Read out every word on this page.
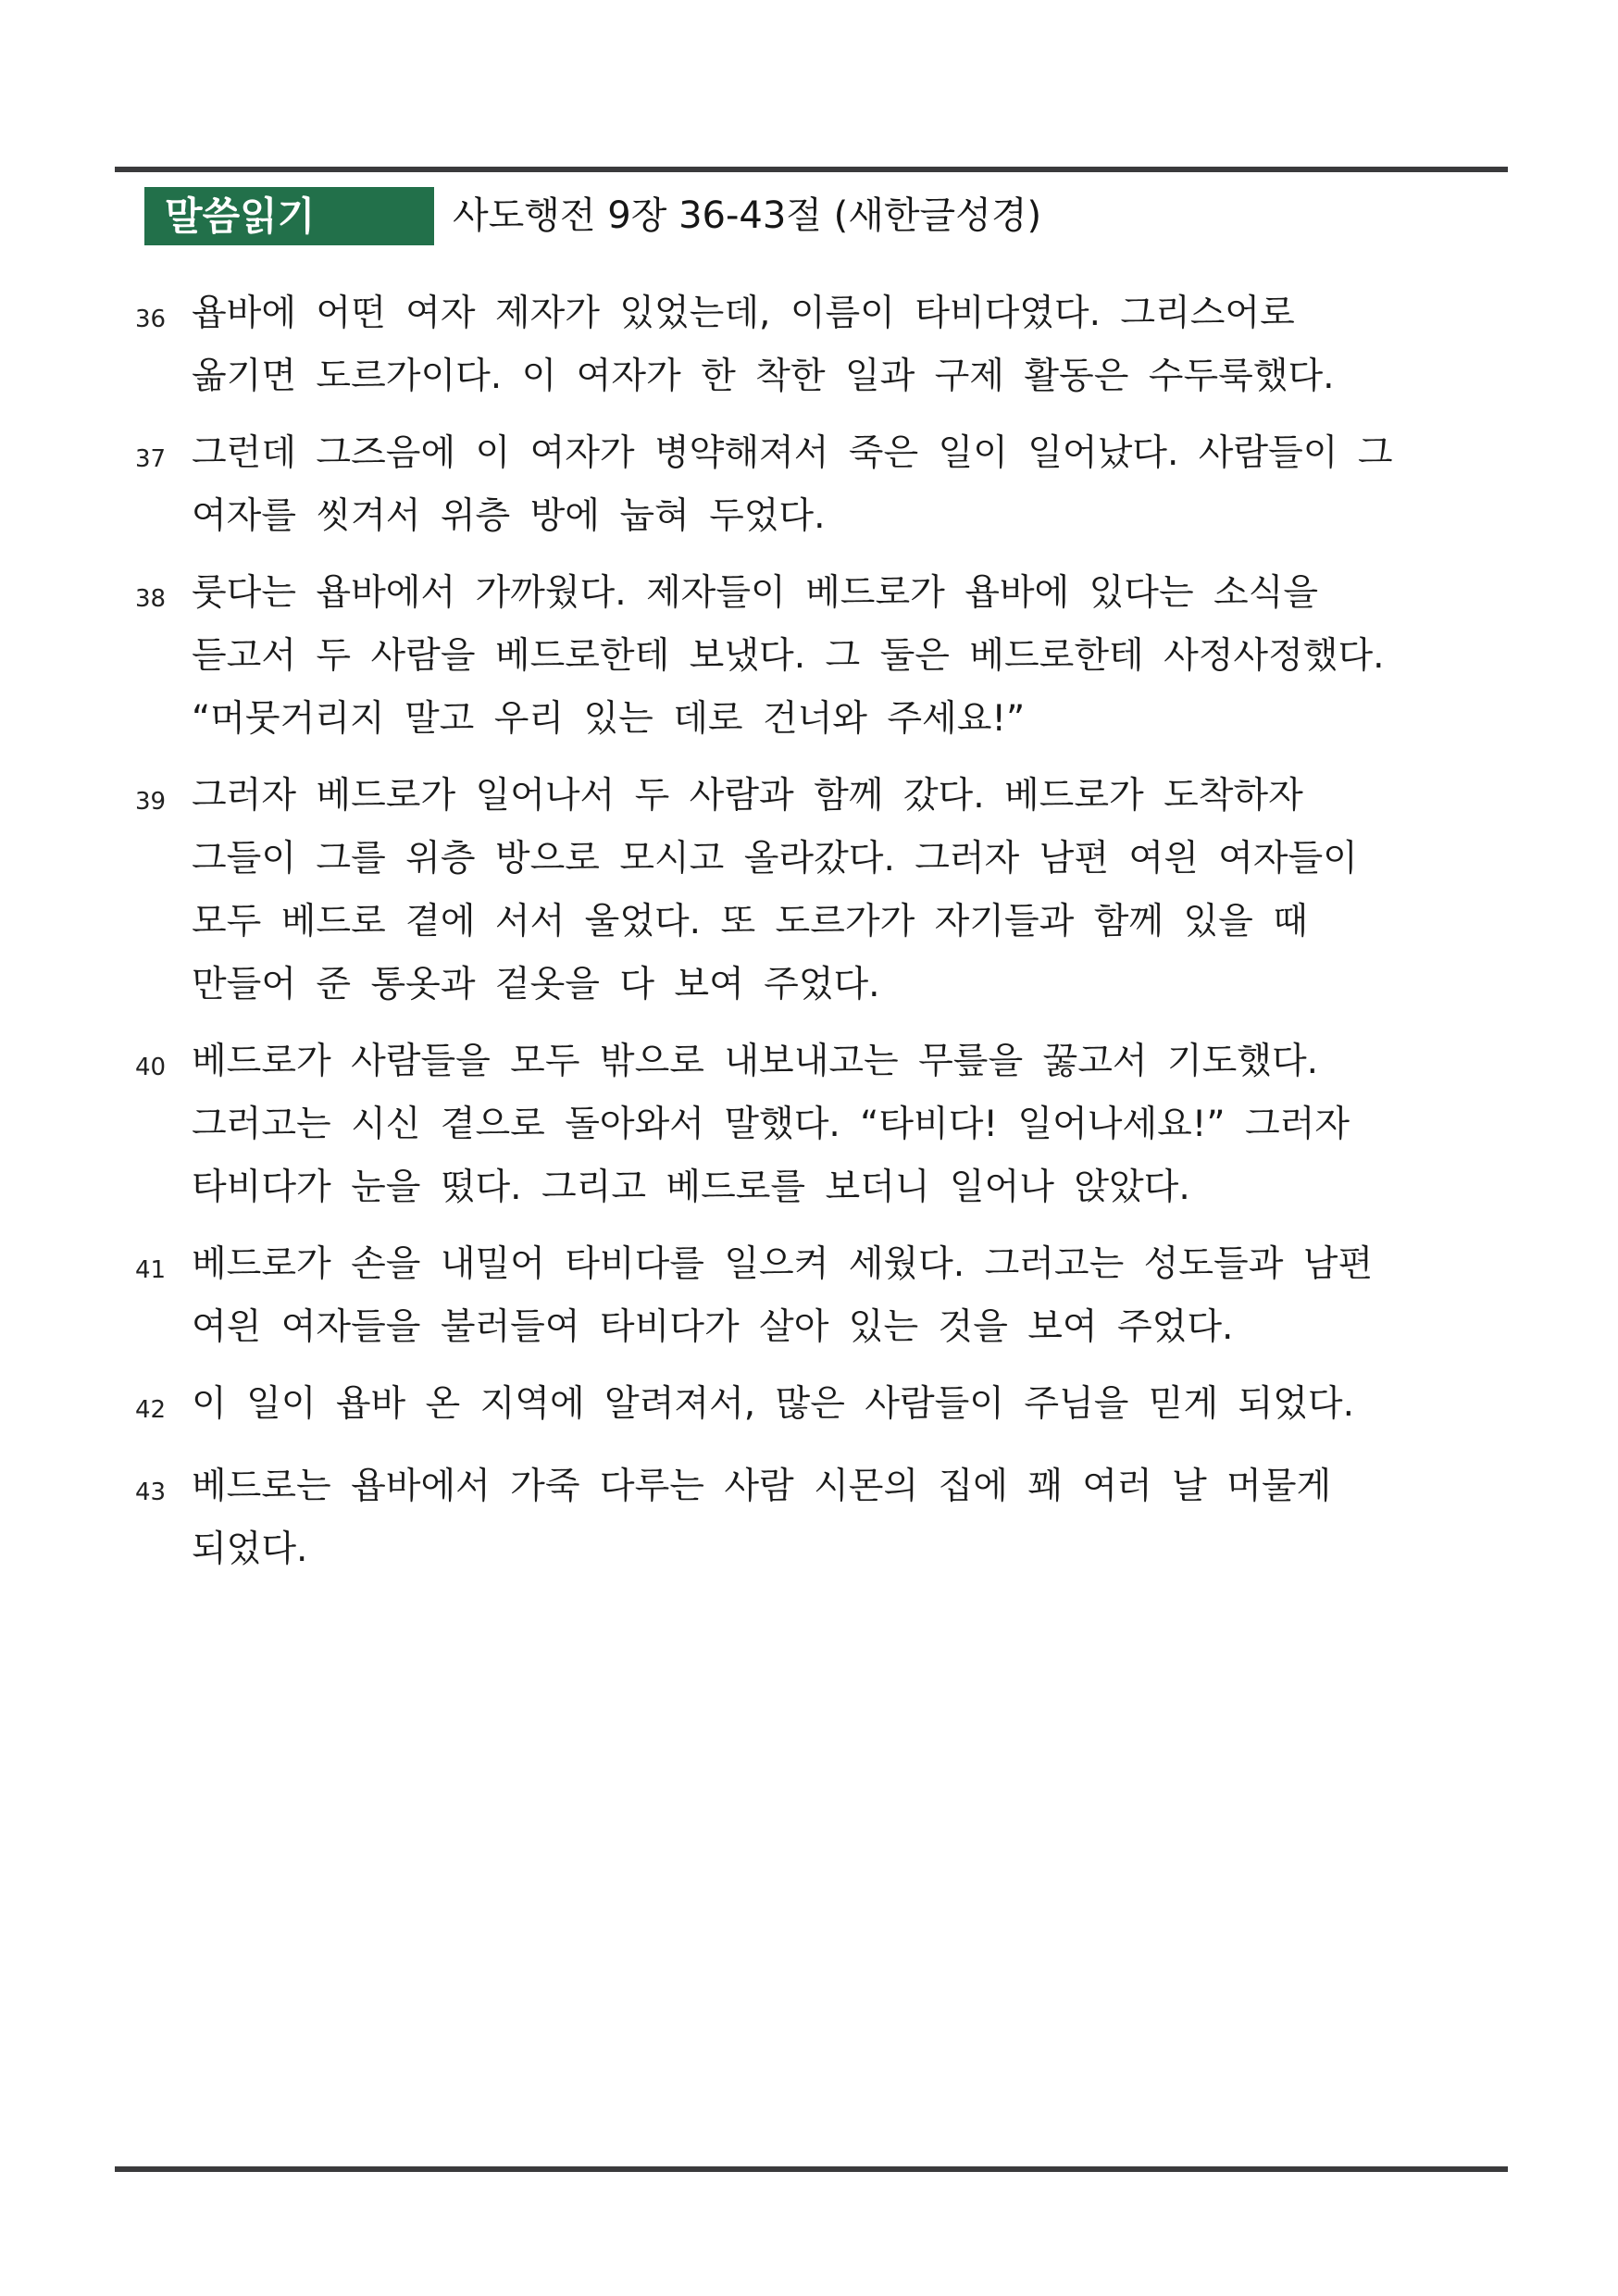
말씀읽기	사도행전 9장 36-43절 (새한글성경)
36 욥바에 어떤 여자 제자가 있었는데, 이름이 타비다였다. 그리스어로
옮기면 도르가이다. 이 여자가 한 착한 일과 구제 활동은 수두룩했다.
37 그런데 그즈음에 이 여자가 병약해져서 죽은 일이 일어났다. 사람들이 그
여자를 씻겨서 위층 방에 눕혀 두었다.
38 룻다는 욥바에서 가까웠다. 제자들이 베드로가 욥바에 있다는 소식을
듣고서 두 사람을 베드로한테 보냈다. 그 둘은 베드로한테 사정사정했다.
“머뭇거리지 말고 우리 있는 데로 건너와 주세요!”
39 그러자 베드로가 일어나서 두 사람과 함께 갔다. 베드로가 도착하자
그들이 그를 위층 방으로 모시고 올라갔다. 그러자 남편 여읜 여자들이
모두 베드로 곁에 서서 울었다. 또 도르가가 자기들과 함께 있을 때
만들어 준 통옷과 겉옷을 다 보여 주었다.
40 베드로가 사람들을 모두 밖으로 내보내고는 무릎을 꿇고서 기도했다.
그러고는 시신 곁으로 돌아와서 말했다. “타비다! 일어나세요!” 그러자
타비다가 눈을 떴다. 그리고 베드로를 보더니 일어나 앉았다.
41 베드로가 손을 내밀어 타비다를 일으켜 세웠다. 그러고는 성도들과 남편
여읜 여자들을 불러들여 타비다가 살아 있는 것을 보여 주었다.
42 이 일이 욥바 온 지역에 알려져서, 많은 사람들이 주님을 믿게 되었다.
43 베드로는 욥바에서 가죽 다루는 사람 시몬의 집에 꽤 여러 날 머물게
되었다.
